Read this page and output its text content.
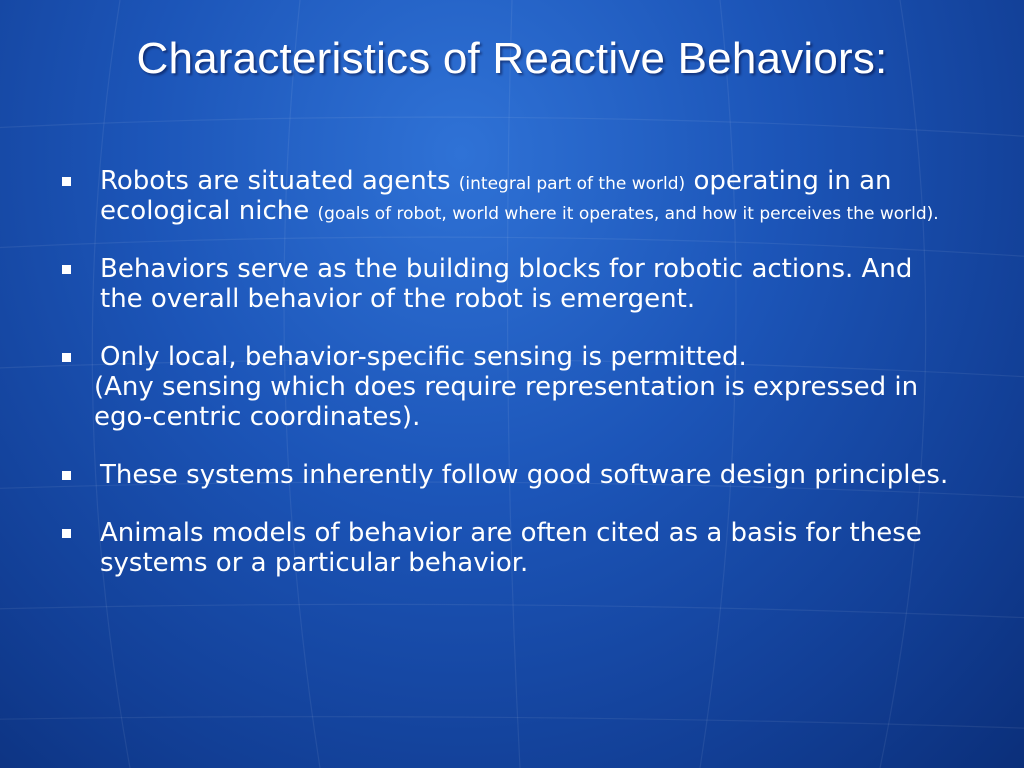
Characteristics of Reactive Behaviors:
Robots are situated agents (integral part of the world) operating in an ecological niche (goals of robot, world where it operates, and how it perceives the world).
Behaviors serve as the building blocks for robotic actions. And the overall behavior of the robot is emergent.
Only local, behavior-specific sensing is permitted.
(Any sensing which does require representation is expressed in ego-centric coordinates).
These systems inherently follow good software design principles.
Animals models of behavior are often cited as a basis for these systems or a particular behavior.
